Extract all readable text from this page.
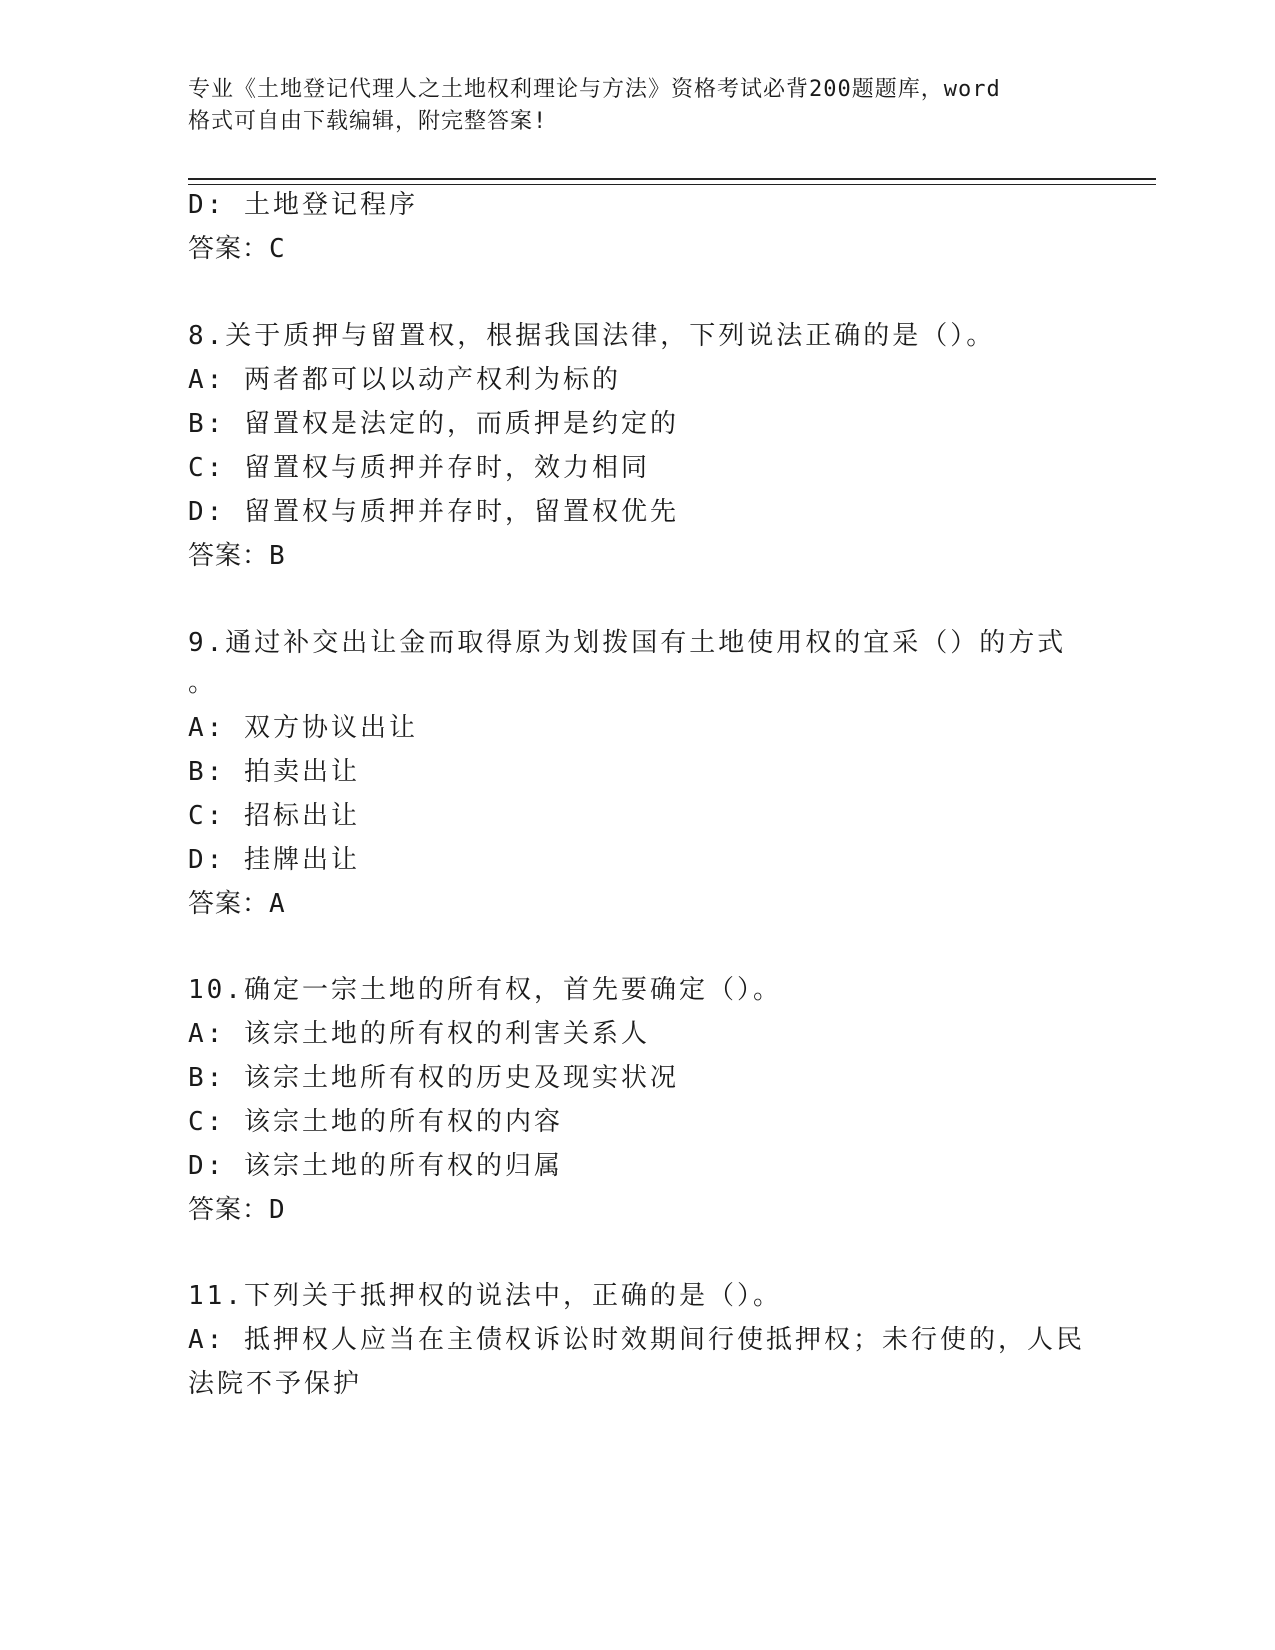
专业《土地登记代理人之土地权利理论与方法》资格考试必背200题题库，word
格式可自由下载编辑，附完整答案!
D: 土地登记程序
答案：C
8.关于质押与留置权，根据我国法律，下列说法正确的是（）。
A: 两者都可以以动产权利为标的
B: 留置权是法定的，而质押是约定的
C: 留置权与质押并存时，效力相同
D: 留置权与质押并存时，留置权优先
答案：B
9.通过补交出让金而取得原为划拨国有土地使用权的宜采（）的方式
。
A: 双方协议出让
B: 拍卖出让
C: 招标出让
D: 挂牌出让
答案：A
10.确定一宗土地的所有权，首先要确定（）。
A: 该宗土地的所有权的利害关系人
B: 该宗土地所有权的历史及现实状况
C: 该宗土地的所有权的内容
D: 该宗土地的所有权的归属
答案：D
11.下列关于抵押权的说法中，正确的是（）。
A: 抵押权人应当在主债权诉讼时效期间行使抵押权；未行使的，人民
法院不予保护
